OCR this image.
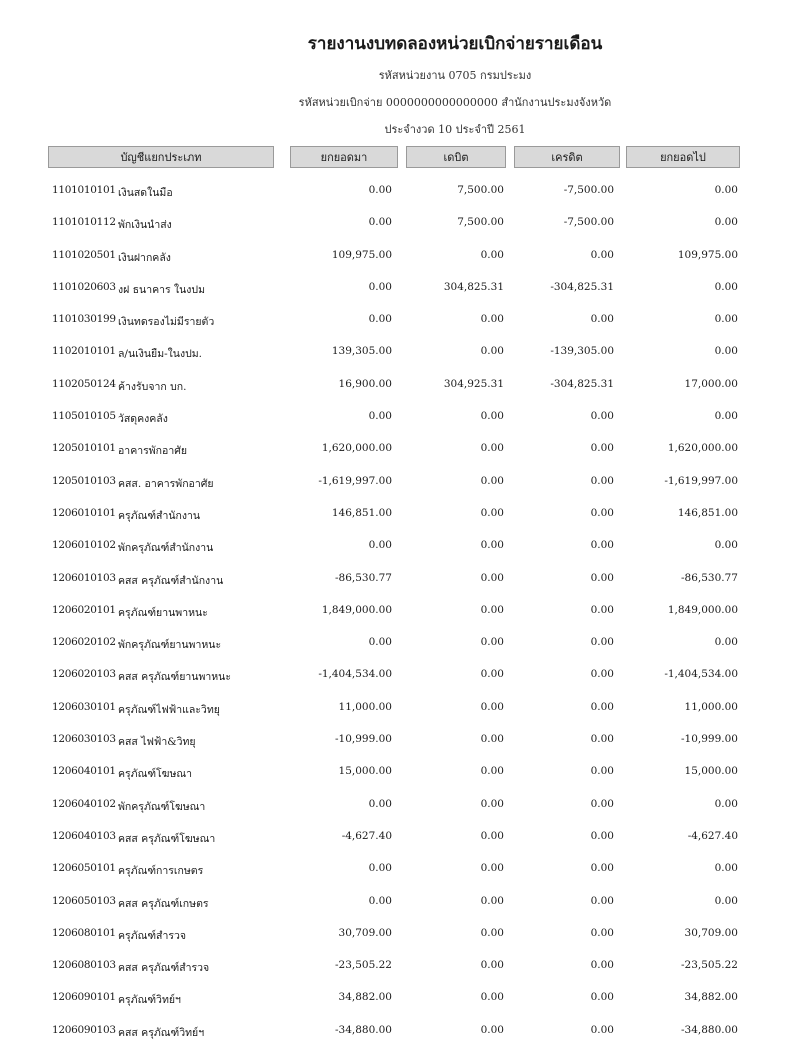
รายงานงบทดลองหน่วยเบิกจ่ายรายเดือน
รหัสหน่วยงาน 0705 กรมประมง
รหัสหน่วยเบิกจ่าย 0000000000000000 สำนักงานประมงจังหวัด
ประจำงวด 10 ประจำปี 2561
บัญชีแยกประเภท	ยกยอดมา	เดบิต	เครดิต	ยกยอดไป
1101010101 เงินสดในมือ	0.00	7,500.00	-7,500.00	0.00
1101010112 พักเงินนำส่ง	0.00	7,500.00	-7,500.00	0.00
1101020501 เงินฝากคลัง	109,975.00	0.00	0.00	109,975.00
1101020603 งฝ ธนาคาร ในงปม	0.00	304,825.31	-304,825.31	0.00
1101030199 เงินทดรองไม่มีรายตัว	0.00	0.00	0.00	0.00
1102010101 ล/นเงินยืม-ในงปม.	139,305.00	0.00	-139,305.00	0.00
1102050124 ค้างรับจาก บก.	16,900.00	304,925.31	-304,825.31	17,000.00
1105010105 วัสดุคงคลัง	0.00	0.00	0.00	0.00
1205010101 อาคารพักอาศัย	1,620,000.00	0.00	0.00	1,620,000.00
1205010103 คสส. อาคารพักอาศัย	-1,619,997.00	0.00	0.00	-1,619,997.00
1206010101 ครุภัณฑ์สำนักงาน	146,851.00	0.00	0.00	146,851.00
1206010102 พักครุภัณฑ์สำนักงาน	0.00	0.00	0.00	0.00
1206010103 คสส ครุภัณฑ์สำนักงาน	-86,530.77	0.00	0.00	-86,530.77
1206020101 ครุภัณฑ์ยานพาหนะ	1,849,000.00	0.00	0.00	1,849,000.00
1206020102 พักครุภัณฑ์ยานพาหนะ	0.00	0.00	0.00	0.00
1206020103 คสส ครุภัณฑ์ยานพาหนะ	-1,404,534.00	0.00	0.00	-1,404,534.00
1206030101 ครุภัณฑ์ไฟฟ้าและวิทยุ	11,000.00	0.00	0.00	11,000.00
1206030103 คสส ไฟฟ้า&วิทยุ	-10,999.00	0.00	0.00	-10,999.00
1206040101 ครุภัณฑ์โฆษณา	15,000.00	0.00	0.00	15,000.00
1206040102 พักครุภัณฑ์โฆษณา	0.00	0.00	0.00	0.00
1206040103 คสส ครุภัณฑ์โฆษณา	-4,627.40	0.00	0.00	-4,627.40
1206050101 ครุภัณฑ์การเกษตร	0.00	0.00	0.00	0.00
1206050103 คสส ครุภัณฑ์เกษตร	0.00	0.00	0.00	0.00
1206080101 ครุภัณฑ์สำรวจ	30,709.00	0.00	0.00	30,709.00
1206080103 คสส ครุภัณฑ์สำรวจ	-23,505.22	0.00	0.00	-23,505.22
1206090101 ครุภัณฑ์วิทย์ฯ	34,882.00	0.00	0.00	34,882.00
1206090103 คสส ครุภัณฑ์วิทย์ฯ	-34,880.00	0.00	0.00	-34,880.00
